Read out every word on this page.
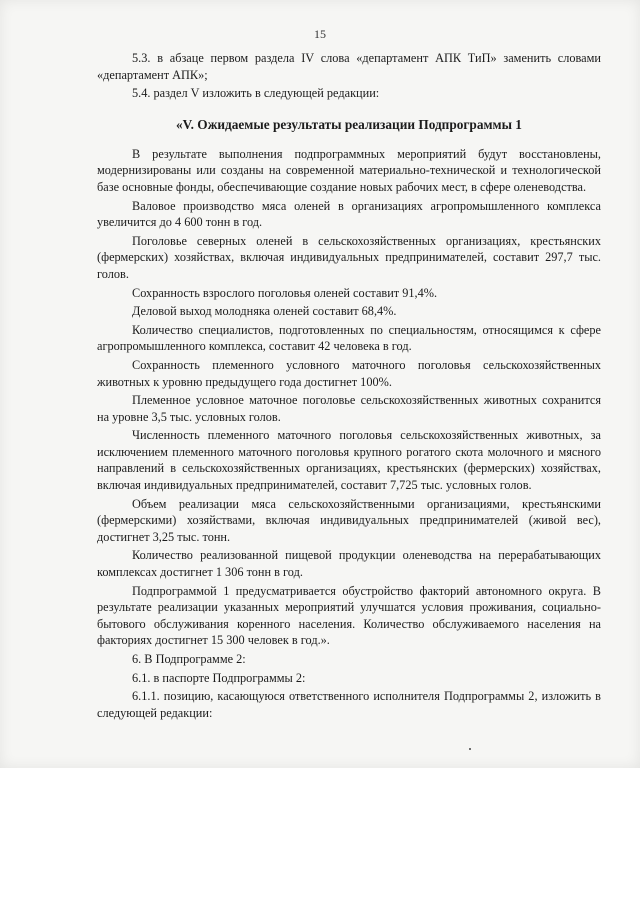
15

5.3. в абзаце первом раздела IV слова «департамент АПК ТиП» заменить словами «департамент АПК»;

5.4. раздел V изложить в следующей редакции:

«V. Ожидаемые результаты реализации Подпрограммы 1

В результате выполнения подпрограммных мероприятий будут восстановлены, модернизированы или созданы на современной материально-технической и технологической базе основные фонды, обеспечивающие создание новых рабочих мест, в сфере оленеводства.

Валовое производство мяса оленей в организациях агропромышленного комплекса увеличится до 4 600 тонн в год.

Поголовье северных оленей в сельскохозяйственных организациях, крестьянских (фермерских) хозяйствах, включая индивидуальных предпринимателей, составит 297,7 тыс. голов.

Сохранность взрослого поголовья оленей составит 91,4%.

Деловой выход молодняка оленей составит 68,4%.

Количество специалистов, подготовленных по специальностям, относящимся к сфере агропромышленного комплекса, составит 42 человека в год.

Сохранность племенного условного маточного поголовья сельскохозяйственных животных к уровню предыдущего года достигнет 100%.

Племенное условное маточное поголовье сельскохозяйственных животных сохранится на уровне 3,5 тыс. условных голов.

Численность племенного маточного поголовья сельскохозяйственных животных, за исключением племенного маточного поголовья крупного рогатого скота молочного и мясного направлений в сельскохозяйственных организациях, крестьянских (фермерских) хозяйствах, включая индивидуальных предпринимателей, составит 7,725 тыс. условных голов.

Объем реализации мяса сельскохозяйственными организациями, крестьянскими (фермерскими) хозяйствами, включая индивидуальных предпринимателей (живой вес), достигнет 3,25 тыс. тонн.

Количество реализованной пищевой продукции оленеводства на перерабатывающих комплексах достигнет 1 306 тонн в год.

Подпрограммой 1 предусматривается обустройство факторий автономного округа. В результате реализации указанных мероприятий улучшатся условия проживания, социально-бытового обслуживания коренного населения. Количество обслуживаемого населения на факториях достигнет 15 300 человек в год.».

6. В Подпрограмме 2:

6.1. в паспорте Подпрограммы 2:

6.1.1. позицию, касающуюся ответственного исполнителя Подпрограммы 2, изложить в следующей редакции:
